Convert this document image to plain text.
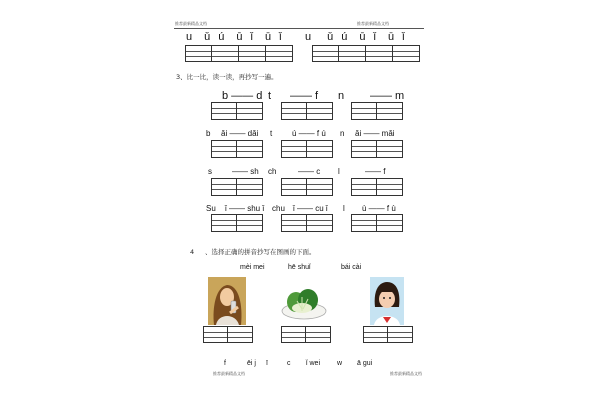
推荐最新精品文档	推荐最新精品文档
u ǔ ú ū ǐ ū ǐ u ǔ ú ū ǐ ū ǐ
3、比一比，读一读，再抄写一遍。
b —— d t —— f n —— m
b ǎi —— dǎi t ú —— f ú n ǎi —— mǎi
s	—— sh ch	—— c l	—— f
Su ǐ —— shu ǐ chu ǐ —— cu ǐ l ù —— f ù
4 、选择正确的拼音抄写在图画的下面。
mèi mei	hē shuǐ	bái cài
f	ēi j ī	c ǐ wei w ā gui
推荐最新精品文档	推荐最新精品文档
